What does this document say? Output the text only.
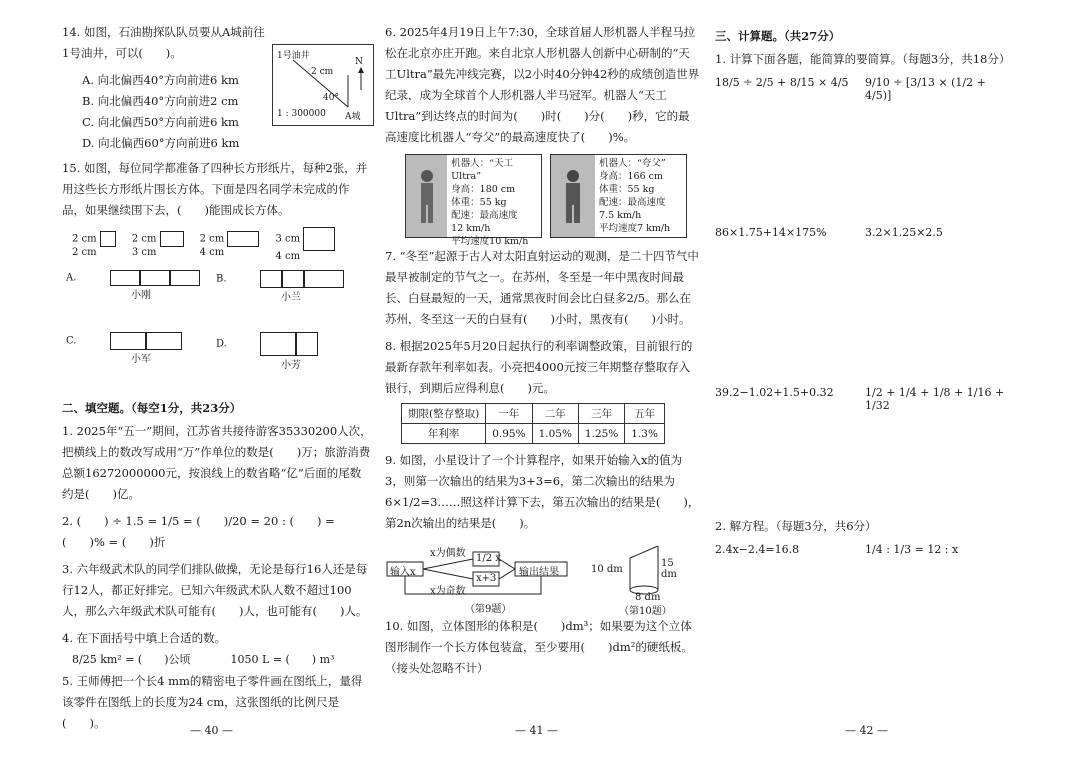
14. 如图，石油勘探队队员要从A城前往1号油井，可以(　　)。
A. 向北偏西40°方向前进6 km
B. 向北偏西40°方向前进2 cm
C. 向北偏西50°方向前进6 km
D. 向北偏西60°方向前进6 km
1号油井
2 cm
40°
N
A城
1 : 300000
15. 如图，每位同学都准备了四种长方形纸片，每种2张，并用这些长方形纸片围长方体。下面是四名同学未完成的作品，如果继续围下去，(　　)能围成长方体。
2 cm
2 cm
2 cm
3 cm
2 cm
4 cm
3 cm
4 cm
A.
小刚
B.
小兰
C.
小军
D.
小芳
二、填空题。（每空1分，共23分）
1. 2025年“五一”期间，江苏省共接待游客35330200人次，把横线上的数改写成用“万”作单位的数是(　　)万；旅游消费总额16272000000元，按浪线上的数省略“亿”后面的尾数约是(　　)亿。
2. (　　) ÷ 1.5 = 1/5 = (　　)/20 = 20 : (　　) = (　　)% = (　　)折
3. 六年级武术队的同学们排队做操，无论是每行16人还是每行12人，都正好排完。已知六年级武术队人数不超过100人，那么六年级武术队可能有(　　)人，也可能有(　　)人。
4. 在下面括号中填上合适的数。
8/25 km² = (　　)公顷	1050 L = (　　) m³
5. 王师傅把一个长4 mm的精密电子零件画在图纸上，量得该零件在图纸上的长度为24 cm，这张图纸的比例尺是(　　)。
— 40 —
6. 2025年4月19日上午7:30，全球首届人形机器人半程马拉松在北京亦庄开跑。来自北京人形机器人创新中心研制的“天工Ultra”最先冲线完赛，以2小时40分钟42秒的成绩创造世界纪录，成为全球首个人形机器人半马冠军。机器人“天工Ultra”到达终点的时间为(　　)时(　　)分(　　)秒，它的最高速度比机器人“夸父”的最高速度快了(　　)%。
机器人：“天工Ultra”
身高：180 cm
体重：55 kg
配速：最高速度
12 km/h
平均速度10 km/h
机器人：“夸父”
身高：166 cm
体重：55 kg
配速：最高速度
7.5 km/h
平均速度7 km/h
7. “冬至”起源于古人对太阳直射运动的观测，是二十四节气中最早被制定的节气之一。在苏州，冬至是一年中黑夜时间最长、白昼最短的一天，通常黑夜时间会比白昼多2/5。那么在苏州，冬至这一天的白昼有(　　)小时，黑夜有(　　)小时。
8. 根据2025年5月20日起执行的利率调整政策，目前银行的最新存款年利率如表。小亮把4000元按三年期整存整取存入银行，到期后应得利息(　　)元。
期限(整存整取)	一年	二年	三年	五年
年利率	0.95%	1.05%	1.25%	1.3%
9. 如图，小星设计了一个计算程序，如果开始输入x的值为3，则第一次输出的结果为3+3=6，第二次输出的结果为6×1/2=3……照这样计算下去，第五次输出的结果是(　　)，第2n次输出的结果是(　　)。
输入x
x为偶数
x为奇数
1/2 x
x+3
输出结果
（第9题）
10 dm
15 dm
8 dm
（第10题）
10. 如图，立体图形的体积是(　　)dm³；如果要为这个立体图形制作一个长方体包装盒，至少要用(　　)dm²的硬纸板。（接头处忽略不计）
— 41 —
三、计算题。（共27分）
1. 计算下面各题，能简算的要简算。（每题3分，共18分）
18/5 ÷ 2/5 + 8/15 × 4/5	9/10 ÷ [3/13 × (1/2 + 4/5)]
86×1.75+14×175%	3.2×1.25×2.5
39.2−1.02+1.5+0.32	1/2 + 1/4 + 1/8 + 1/16 + 1/32
2. 解方程。（每题3分，共6分）
2.4x−2.4=16.8	1/4 : 1/3 = 12 : x
— 42 —
